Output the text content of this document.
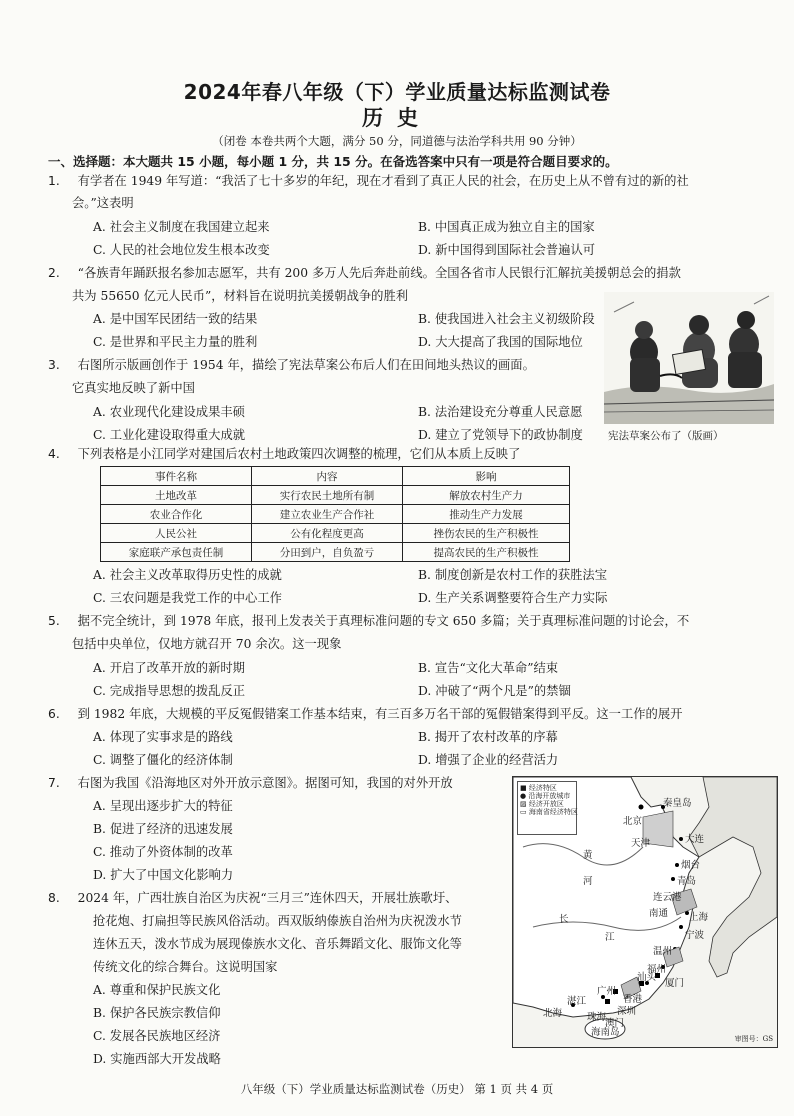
2024年春八年级（下）学业质量达标监测试卷
历史
（闭卷 本卷共两个大题，满分 50 分，同道德与法治学科共用 90 分钟）
一、选择题：本大题共 15 小题，每小题 1 分，共 15 分。在备选答案中只有一项是符合题目要求的。
1. 有学者在 1949 年写道：“我活了七十多岁的年纪，现在才看到了真正人民的社会，在历史上从不曾有过的新的社
会。”这表明
A. 社会主义制度在我国建立起来	B. 中国真正成为独立自主的国家
C. 人民的社会地位发生根本改变	D. 新中国得到国际社会普遍认可
2. “各族青年踊跃报名参加志愿军，共有 200 多万人先后奔赴前线。全国各省市人民银行汇解抗美援朝总会的捐款
共为 55650 亿元人民币”，材料旨在说明抗美援朝战争的胜利
A. 是中国军民团结一致的结果	B. 使我国进入社会主义初级阶段
C. 是世界和平民主力量的胜利	D. 大大提高了我国的国际地位
3. 右图所示版画创作于 1954 年，描绘了宪法草案公布后人们在田间地头热议的画面。
它真实地反映了新中国
A. 农业现代化建设成果丰硕	B. 法治建设充分尊重人民意愿
C. 工业化建设取得重大成就	D. 建立了党领导下的政协制度 宪法草案公布了（版画）
4. 下列表格是小江同学对建国后农村土地政策四次调整的梳理，它们从本质上反映了
事件名称	内容	影响
土地改革	实行农民土地所有制	解放农村生产力
农业合作化	建立农业生产合作社	推动生产力发展
人民公社	公有化程度更高	挫伤农民的生产积极性
家庭联产承包责任制	分田到户，自负盈亏	提高农民的生产积极性
A. 社会主义改革取得历史性的成就	B. 制度创新是农村工作的获胜法宝
C. 三农问题是我党工作的中心工作	D. 生产关系调整要符合生产力实际
5. 据不完全统计，到 1978 年底，报刊上发表关于真理标准问题的专文 650 多篇；关于真理标准问题的讨论会，不
包括中央单位，仅地方就召开 70 余次。这一现象
A. 开启了改革开放的新时期	B. 宣告“文化大革命”结束
C. 完成指导思想的拨乱反正	D. 冲破了“两个凡是”的禁锢
6. 到 1982 年底，大规模的平反冤假错案工作基本结束，有三百多万名干部的冤假错案得到平反。这一工作的展开
A. 体现了实事求是的路线	B. 揭开了农村改革的序幕
C. 调整了僵化的经济体制	D. 增强了企业的经营活力
7. 右图为我国《沿海地区对外开放示意图》。据图可知，我国的对外开放
A. 呈现出逐步扩大的特征
B. 促进了经济的迅速发展
C. 推动了外资体制的改革
D. 扩大了中国文化影响力
8. 2024 年，广西壮族自治区为庆祝“三月三”连休四天，开展壮族歌圩、
抢花炮、打扁担等民族风俗活动。西双版纳傣族自治州为庆祝泼水节
连休五天，泼水节成为展现傣族水文化、音乐舞蹈文化、服饰文化等
传统文化的综合舞台。这说明国家
A. 尊重和保护民族文化
B. 保护各民族宗教信仰
C. 发展各民族地区经济
D. 实施西部大开发战略
■ 经济特区
● 沿海开放城市
▨ 经济开放区
▭ 海南省经济特区
北京
秦皇岛
天津	大连
烟台
青岛
连云港
南通 上海
宁波
温州
福州
厦门
汕头
深圳
珠海
广州
湛江
北海
海南岛
黄
河
长
江
香港
澳门
审图号：GS
八年级（下）学业质量达标监测试卷（历史） 第 1 页 共 4 页
